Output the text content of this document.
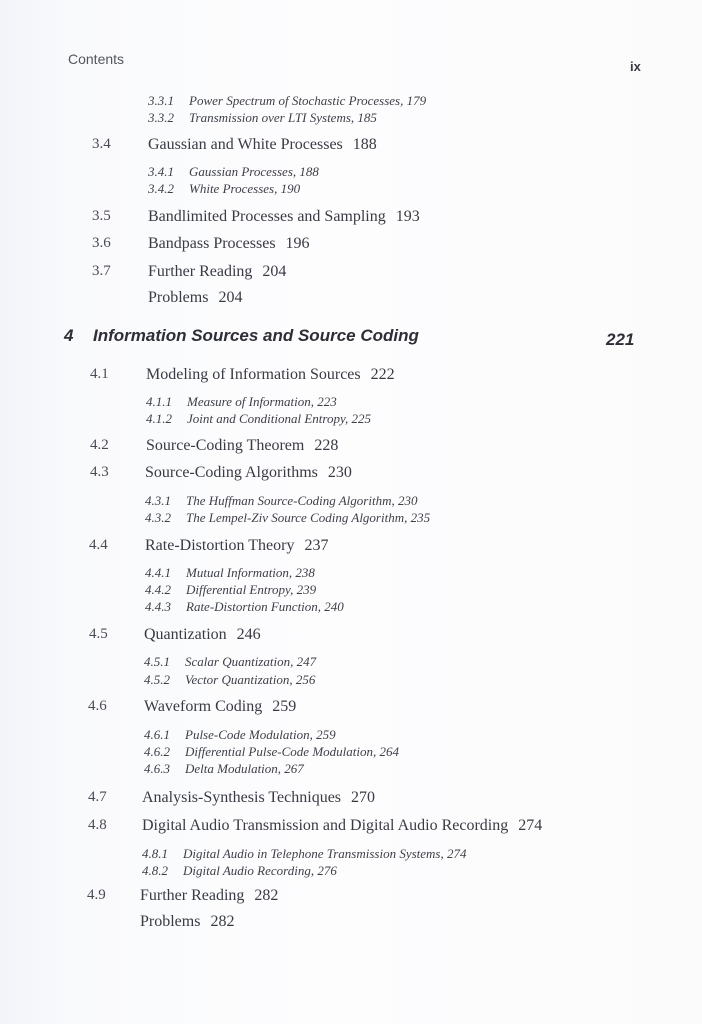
Contents	ix
3.3.1 Power Spectrum of Stochastic Processes, 179
3.3.2 Transmission over LTI Systems, 185
3.4 Gaussian and White Processes 188
3.4.1 Gaussian Processes, 188
3.4.2 White Processes, 190
3.5 Bandlimited Processes and Sampling 193
3.6 Bandpass Processes 196
3.7 Further Reading 204
Problems 204
4 Information Sources and Source Coding	221
4.1 Modeling of Information Sources 222
4.1.1 Measure of Information, 223
4.1.2 Joint and Conditional Entropy, 225
4.2 Source-Coding Theorem 228
4.3 Source-Coding Algorithms 230
4.3.1 The Huffman Source-Coding Algorithm, 230
4.3.2 The Lempel-Ziv Source Coding Algorithm, 235
4.4 Rate-Distortion Theory 237
4.4.1 Mutual Information, 238
4.4.2 Differential Entropy, 239
4.4.3 Rate-Distortion Function, 240
4.5 Quantization 246
4.5.1 Scalar Quantization, 247
4.5.2 Vector Quantization, 256
4.6 Waveform Coding 259
4.6.1 Pulse-Code Modulation, 259
4.6.2 Differential Pulse-Code Modulation, 264
4.6.3 Delta Modulation, 267
4.7 Analysis-Synthesis Techniques 270
4.8 Digital Audio Transmission and Digital Audio Recording 274
4.8.1 Digital Audio in Telephone Transmission Systems, 274
4.8.2 Digital Audio Recording, 276
4.9 Further Reading 282
Problems 282
